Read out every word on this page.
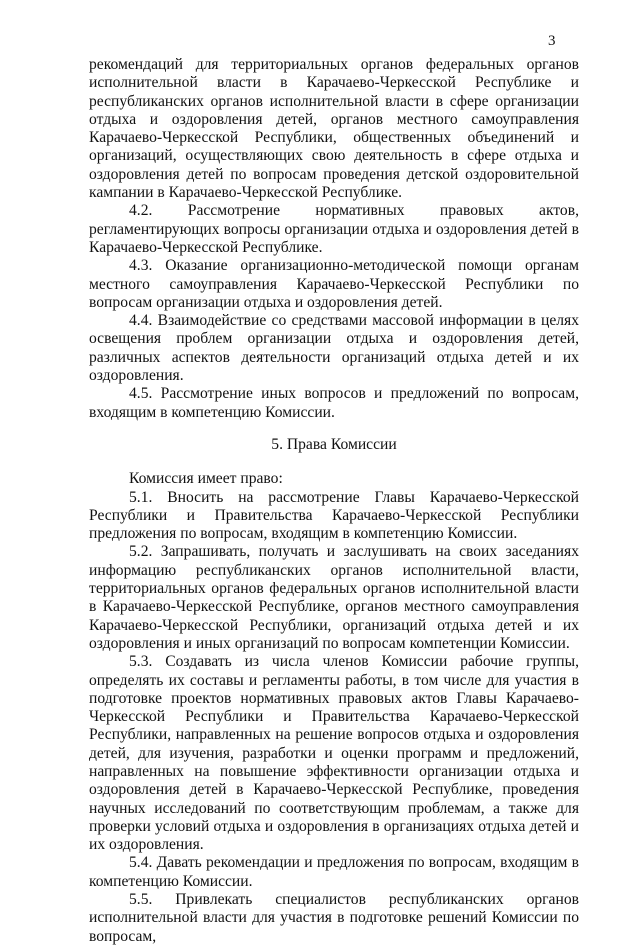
3

рекомендаций для территориальных органов федеральных органов исполнительной власти в Карачаево-Черкесской Республике и республиканских органов исполнительной власти в сфере организации отдыха и оздоровления детей, органов местного самоуправления Карачаево-Черкесской Республики, общественных объединений и организаций, осуществляющих свою деятельность в сфере отдыха и оздоровления детей по вопросам проведения детской оздоровительной кампании в Карачаево-Черкесской Республике.

4.2. Рассмотрение нормативных правовых актов, регламентирующих вопросы организации отдыха и оздоровления детей в Карачаево-Черкесской Республике.

4.3. Оказание организационно-методической помощи органам местного самоуправления Карачаево-Черкесской Республики по вопросам организации отдыха и оздоровления детей.

4.4. Взаимодействие со средствами массовой информации в целях освещения проблем организации отдыха и оздоровления детей, различных аспектов деятельности организаций отдыха детей и их оздоровления.

4.5. Рассмотрение иных вопросов и предложений по вопросам, входящим в компетенцию Комиссии.

5. Права Комиссии

Комиссия имеет право:

5.1. Вносить на рассмотрение Главы Карачаево-Черкесской Республики и Правительства Карачаево-Черкесской Республики предложения по вопросам, входящим в компетенцию Комиссии.

5.2. Запрашивать, получать и заслушивать на своих заседаниях информацию республиканских органов исполнительной власти, территориальных органов федеральных органов исполнительной власти в Карачаево-Черкесской Республике, органов местного самоуправления Карачаево-Черкесской Республики, организаций отдыха детей и их оздоровления и иных организаций по вопросам компетенции Комиссии.

5.3. Создавать из числа членов Комиссии рабочие группы, определять их составы и регламенты работы, в том числе для участия в подготовке проектов нормативных правовых актов Главы Карачаево-Черкесской Республики и Правительства Карачаево-Черкесской Республики, направленных на решение вопросов отдыха и оздоровления детей, для изучения, разработки и оценки программ и предложений, направленных на повышение эффективности организации отдыха и оздоровления детей в Карачаево-Черкесской Республике, проведения научных исследований по соответствующим проблемам, а также для проверки условий отдыха и оздоровления в организациях отдыха детей и их оздоровления.

5.4. Давать рекомендации и предложения по вопросам, входящим в компетенцию Комиссии.

5.5. Привлекать специалистов республиканских органов исполнительной власти для участия в подготовке решений Комиссии по вопросам,
